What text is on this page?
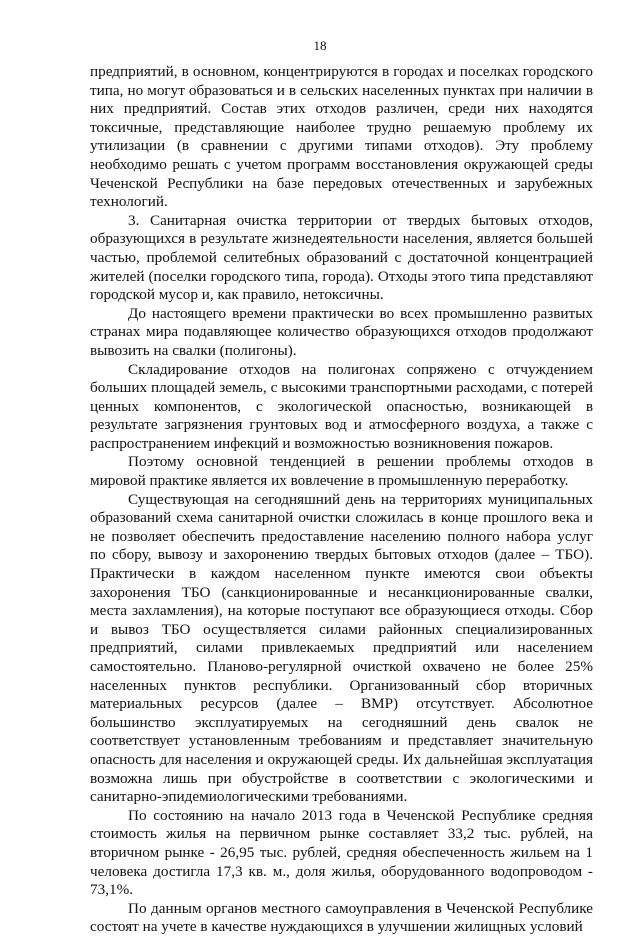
18

предприятий, в основном, концентрируются в городах и поселках городского типа, но могут образоваться и в сельских населенных пунктах при наличии в них предприятий. Состав этих отходов различен, среди них находятся токсичные, представляющие наиболее трудно решаемую проблему их утилизации (в сравнении с другими типами отходов). Эту проблему необходимо решать с учетом программ восстановления окружающей среды Чеченской Республики на базе передовых отечественных и зарубежных технологий.

3. Санитарная очистка территории от твердых бытовых отходов, образующихся в результате жизнедеятельности населения, является большей частью, проблемой селитебных образований с достаточной концентрацией жителей (поселки городского типа, города). Отходы этого типа представляют городской мусор и, как правило, нетоксичны.

До настоящего времени практически во всех промышленно развитых странах мира подавляющее количество образующихся отходов продолжают вывозить на свалки (полигоны).

Складирование отходов на полигонах сопряжено с отчуждением больших площадей земель, с высокими транспортными расходами, с потерей ценных компонентов, с экологической опасностью, возникающей в результате загрязнения грунтовых вод и атмосферного воздуха, а также с распространением инфекций и возможностью возникновения пожаров.

Поэтому основной тенденцией в решении проблемы отходов в мировой практике является их вовлечение в промышленную переработку.

Существующая на сегодняшний день на территориях муниципальных образований схема санитарной очистки сложилась в конце прошлого века и не позволяет обеспечить предоставление населению полного набора услуг по сбору, вывозу и захоронению твердых бытовых отходов (далее – ТБО). Практически в каждом населенном пункте имеются свои объекты захоронения ТБО (санкционированные и несанкционированные свалки, места захламления), на которые поступают все образующиеся отходы. Сбор и вывоз ТБО осуществляется силами районных специализированных предприятий, силами привлекаемых предприятий или населением самостоятельно. Планово-регулярной очисткой охвачено не более 25% населенных пунктов республики. Организованный сбор вторичных материальных ресурсов (далее – ВМР) отсутствует. Абсолютное большинство эксплуатируемых на сегодняшний день свалок не соответствует установленным требованиям и представляет значительную опасность для населения и окружающей среды. Их дальнейшая эксплуатация возможна лишь при обустройстве в соответствии с экологическими и санитарно-эпидемиологическими требованиями.

По состоянию на начало 2013 года в Чеченской Республике средняя стоимость жилья на первичном рынке составляет 33,2 тыс. рублей, на вторичном рынке - 26,95 тыс. рублей, средняя обеспеченность жильем на 1 человека достигла 17,3 кв. м., доля жилья, оборудованного водопроводом - 73,1%.

По данным органов местного самоуправления в Чеченской Республике состоят на учете в качестве нуждающихся в улучшении жилищных условий
